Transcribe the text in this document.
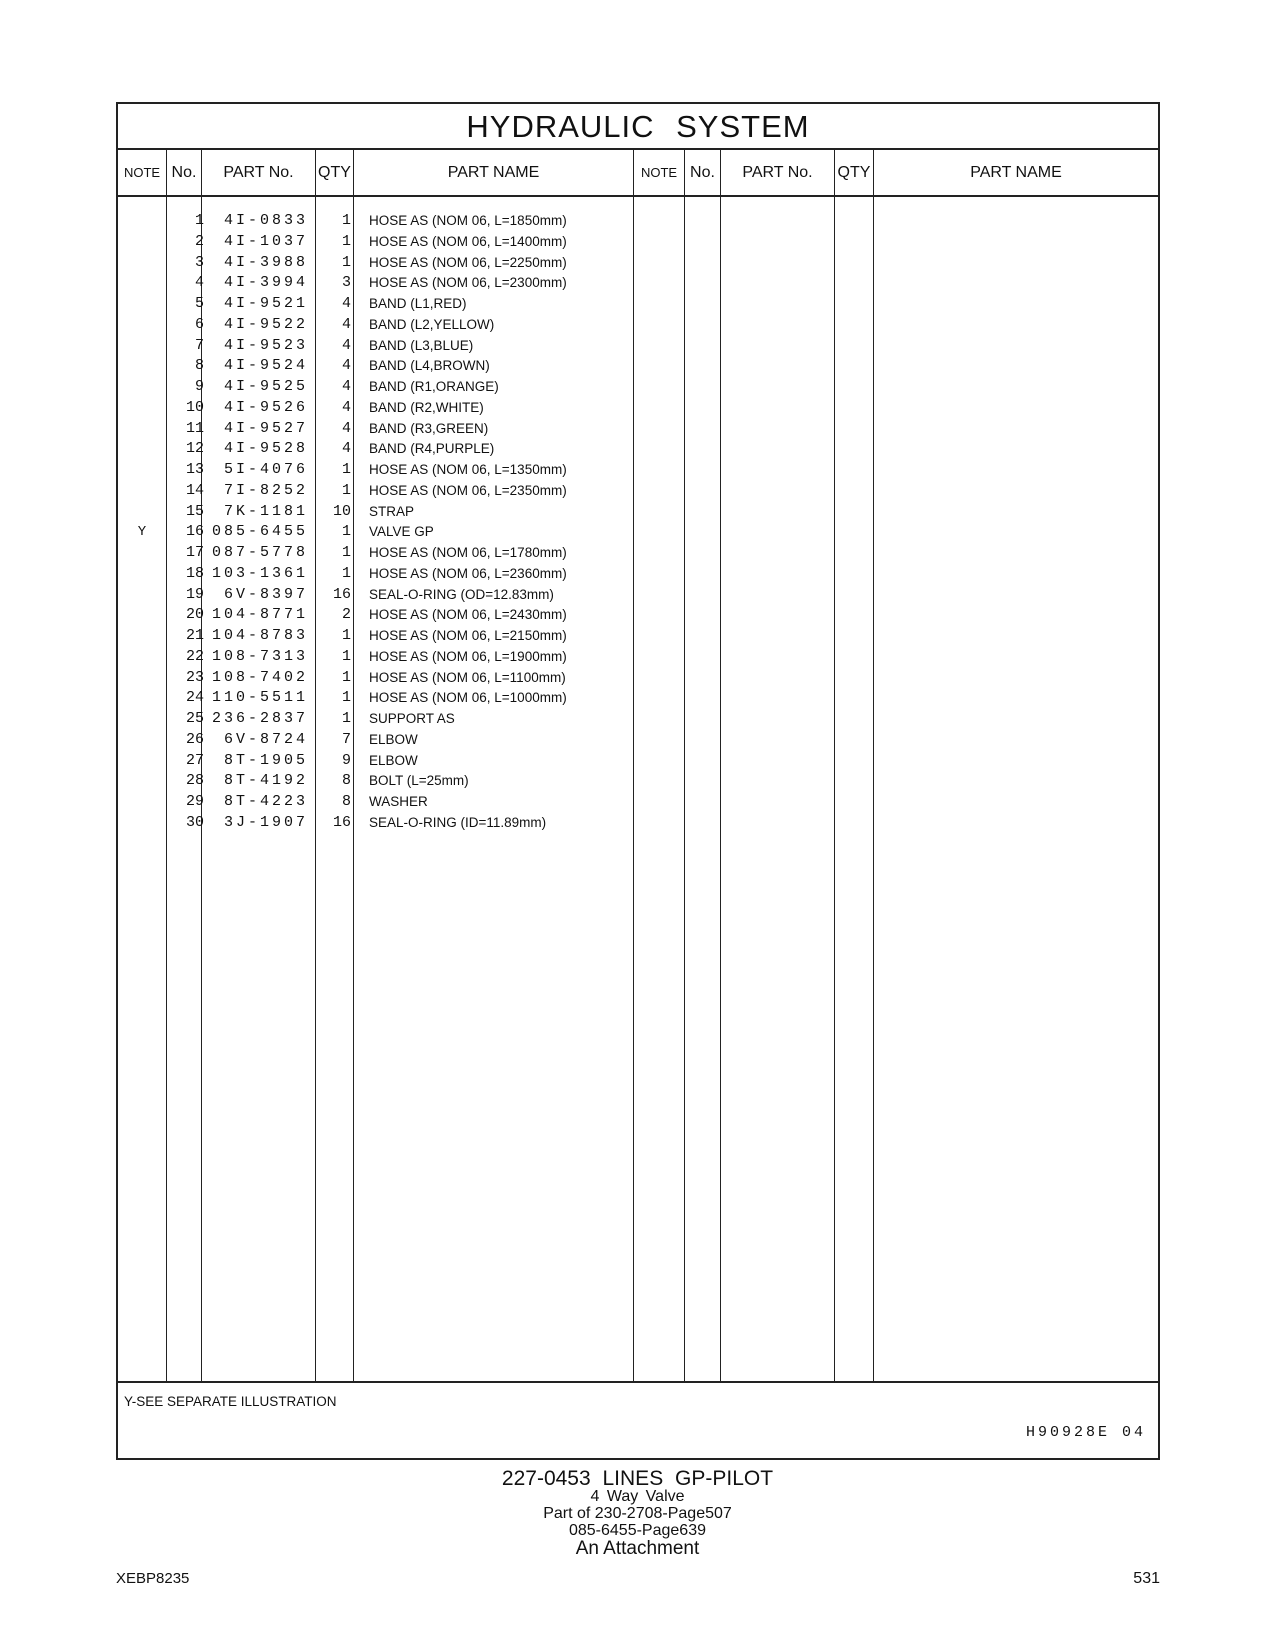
HYDRAULIC SYSTEM
NOTE No.	PART No.	QTY	PART NAME	NOTE No.	PART No.	QTY	PART NAME
1	4I-0833	1 HOSE AS (NOM 06, L=1850mm)
2	4I-1037	1 HOSE AS (NOM 06, L=1400mm)
3	4I-3988	1 HOSE AS (NOM 06, L=2250mm)
4	4I-3994	3 HOSE AS (NOM 06, L=2300mm)
5	4I-9521	4 BAND (L1,RED)
6	4I-9522	4 BAND (L2,YELLOW)
7	4I-9523	4 BAND (L3,BLUE)
8	4I-9524	4 BAND (L4,BROWN)
9	4I-9525	4 BAND (R1,ORANGE)
10	4I-9526	4 BAND (R2,WHITE)
11	4I-9527	4 BAND (R3,GREEN)
12	4I-9528	4 BAND (R4,PURPLE)
13	5I-4076	1 HOSE AS (NOM 06, L=1350mm)
14	7I-8252	1 HOSE AS (NOM 06, L=2350mm)
15	7K-1181	10 STRAP
Y	16 085-6455	1 VALVE GP
17 087-5778	1 HOSE AS (NOM 06, L=1780mm)
18 103-1361	1 HOSE AS (NOM 06, L=2360mm)
19	6V-8397	16 SEAL-O-RING (OD=12.83mm)
20 104-8771	2 HOSE AS (NOM 06, L=2430mm)
21 104-8783	1 HOSE AS (NOM 06, L=2150mm)
22 108-7313	1 HOSE AS (NOM 06, L=1900mm)
23 108-7402	1 HOSE AS (NOM 06, L=1100mm)
24 110-5511	1 HOSE AS (NOM 06, L=1000mm)
25 236-2837	1 SUPPORT AS
26	6V-8724	7 ELBOW
27	8T-1905	9 ELBOW
28	8T-4192	8 BOLT (L=25mm)
29	8T-4223	8 WASHER
30	3J-1907	16 SEAL-O-RING (ID=11.89mm)
Y-SEE SEPARATE ILLUSTRATION
H90928E 04
227-0453 LINES GP-PILOT
4 Way Valve
Part of 230-2708-Page507
085-6455-Page639
An Attachment
XEBP8235	531
